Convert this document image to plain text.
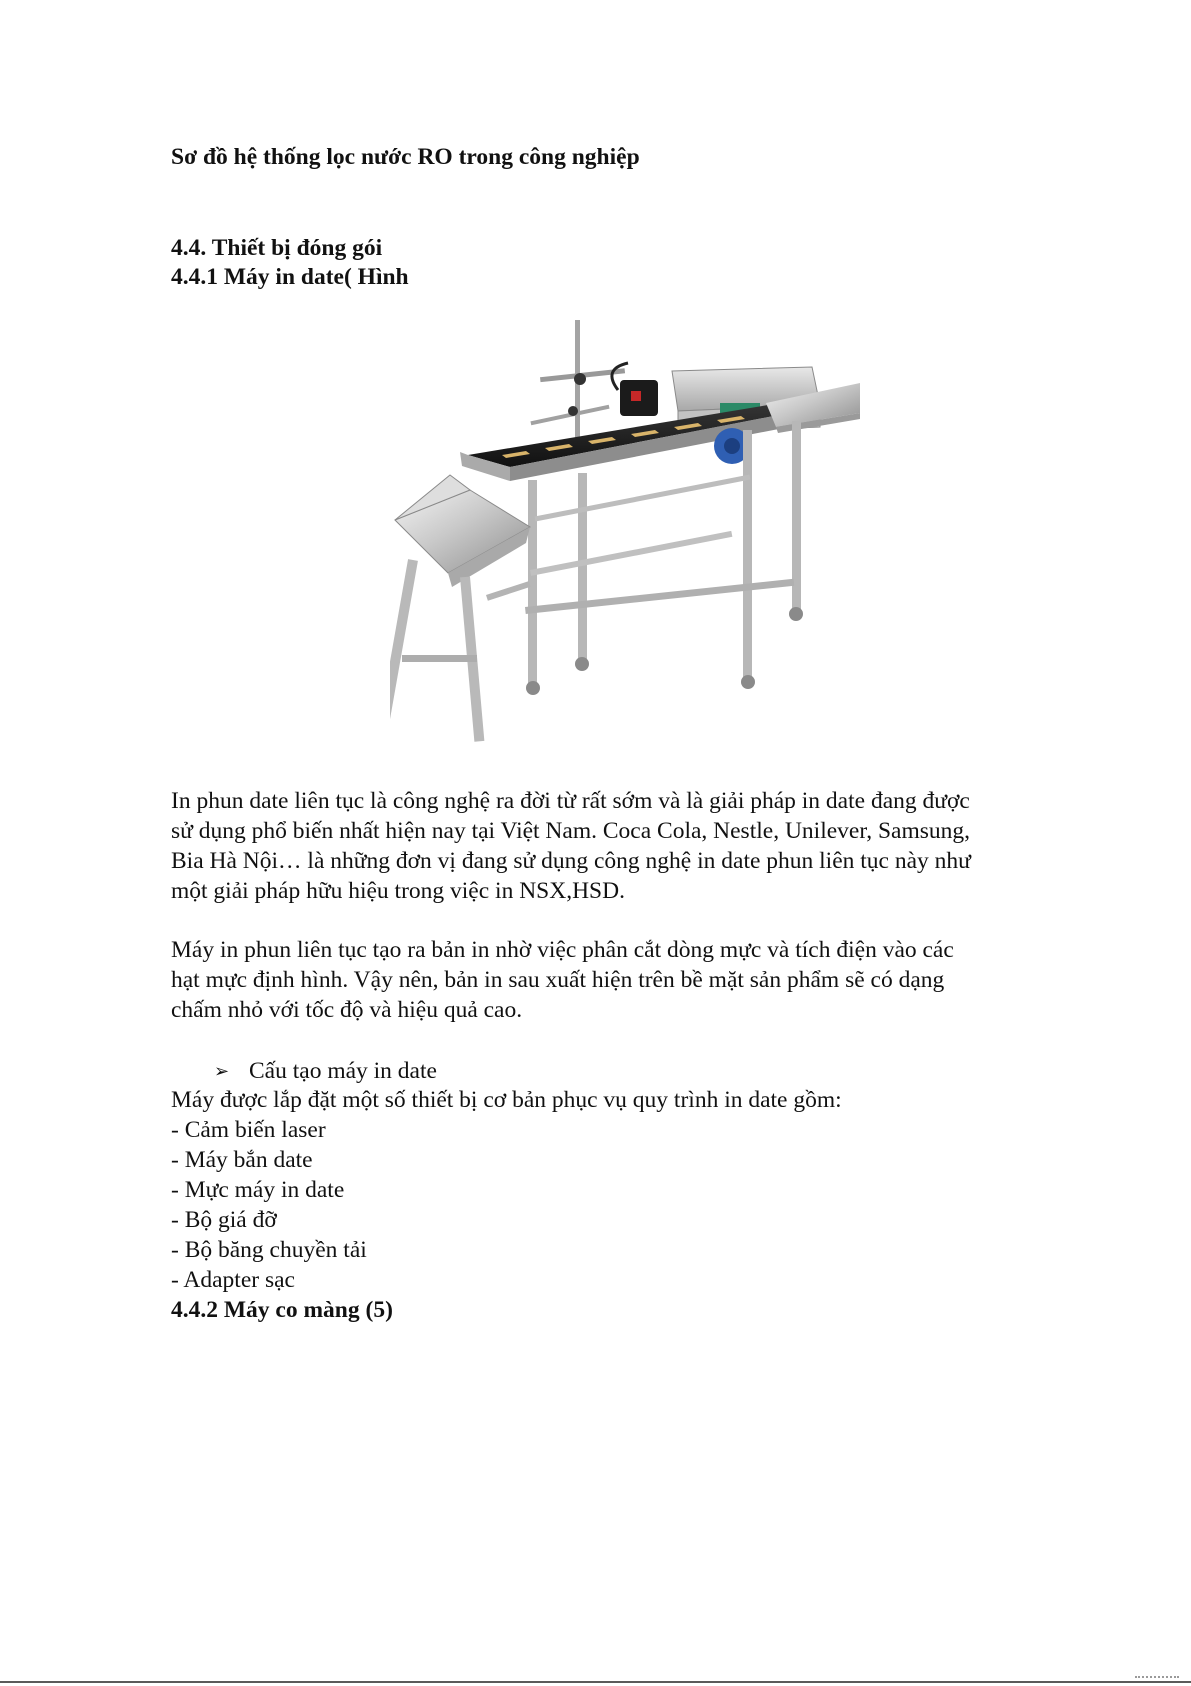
Sơ đồ hệ thống lọc nước RO trong công nghiệp
4.4. Thiết bị đóng gói
4.4.1 Máy in date( Hình
In phun date liên tục là công nghệ ra đời từ rất sớm và là giải pháp in date đang được
sử dụng phổ biến nhất hiện nay tại Việt Nam. Coca Cola, Nestle, Unilever, Samsung,
Bia Hà Nội… là những đơn vị đang sử dụng công nghệ in date phun liên tục này như
một giải pháp hữu hiệu trong việc in NSX,HSD.
Máy in phun liên tục tạo ra bản in nhờ việc phân cắt dòng mực và tích điện vào các
hạt mực định hình. Vậy nên, bản in sau xuất hiện trên bề mặt sản phẩm sẽ có dạng
chấm nhỏ với tốc độ và hiệu quả cao.
➢ Cấu tạo máy in date
Máy được lắp đặt một số thiết bị cơ bản phục vụ quy trình in date gồm:
- Cảm biến laser
- Máy bắn date
- Mực máy in date
- Bộ giá đỡ
- Bộ băng chuyền tải
- Adapter sạc
4.4.2 Máy co màng (5)
